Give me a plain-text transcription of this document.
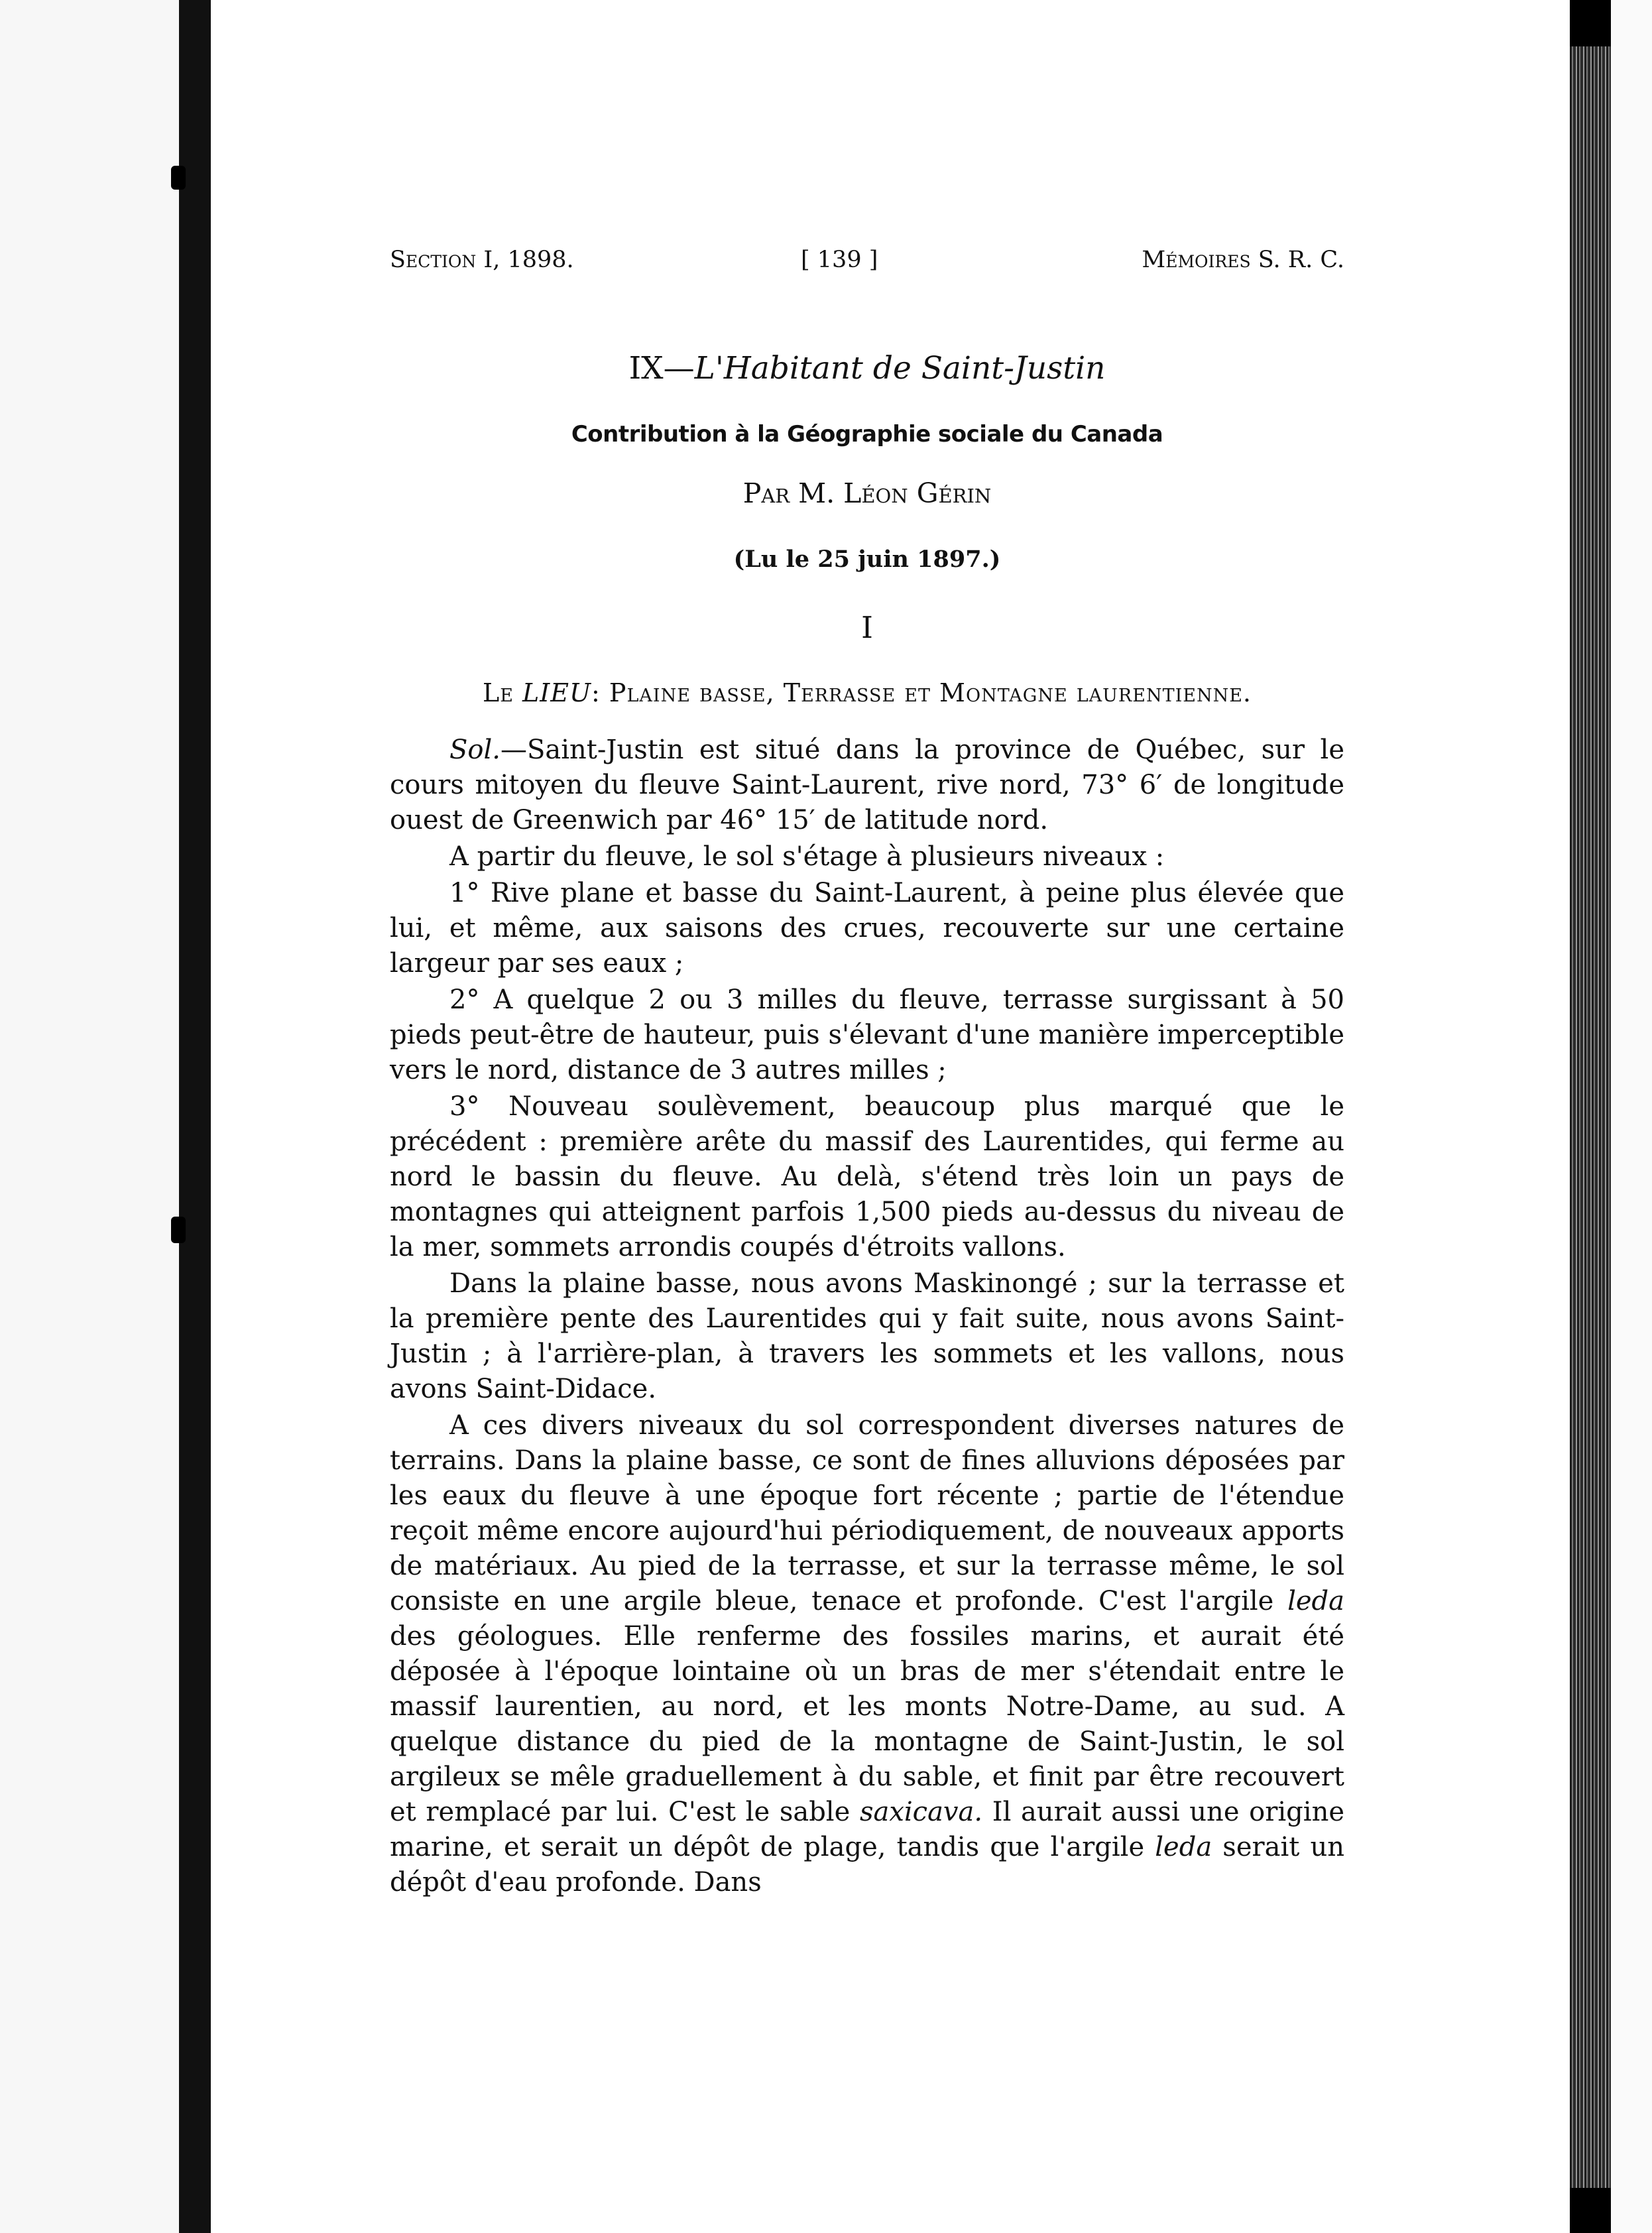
Section I, 1898.	[ 139 ]	Mémoires S. R. C.
IX—L'Habitant de Saint-Justin
Contribution à la Géographie sociale du Canada
Par M. Léon Gérin
(Lu le 25 juin 1897.)
I
Le LIEU: Plaine basse, Terrasse et Montagne laurentienne.

Sol.—Saint-Justin est situé dans la province de Québec, sur le cours mitoyen du fleuve Saint-Laurent, rive nord, 73° 6′ de longitude ouest de Greenwich par 46° 15′ de latitude nord.

A partir du fleuve, le sol s'étage à plusieurs niveaux :

1° Rive plane et basse du Saint-Laurent, à peine plus élevée que lui, et même, aux saisons des crues, recouverte sur une certaine largeur par ses eaux ;

2° A quelque 2 ou 3 milles du fleuve, terrasse surgissant à 50 pieds peut-être de hauteur, puis s'élevant d'une manière imperceptible vers le nord, distance de 3 autres milles ;

3° Nouveau soulèvement, beaucoup plus marqué que le précédent : première arête du massif des Laurentides, qui ferme au nord le bassin du fleuve. Au delà, s'étend très loin un pays de montagnes qui atteignent parfois 1,500 pieds au-dessus du niveau de la mer, sommets arrondis coupés d'étroits vallons.

Dans la plaine basse, nous avons Maskinongé ; sur la terrasse et la première pente des Laurentides qui y fait suite, nous avons Saint-Justin ; à l'arrière-plan, à travers les sommets et les vallons, nous avons Saint-Didace.

A ces divers niveaux du sol correspondent diverses natures de terrains. Dans la plaine basse, ce sont de fines alluvions déposées par les eaux du fleuve à une époque fort récente ; partie de l'étendue reçoit même encore aujourd'hui périodiquement, de nouveaux apports de matériaux. Au pied de la terrasse, et sur la terrasse même, le sol consiste en une argile bleue, tenace et profonde. C'est l'argile leda des géologues. Elle renferme des fossiles marins, et aurait été déposée à l'époque lointaine où un bras de mer s'étendait entre le massif laurentien, au nord, et les monts Notre-Dame, au sud. A quelque distance du pied de la montagne de Saint-Justin, le sol argileux se mêle graduellement à du sable, et finit par être recouvert et remplacé par lui. C'est le sable saxicava. Il aurait aussi une origine marine, et serait un dépôt de plage, tandis que l'argile leda serait un dépôt d'eau profonde. Dans
